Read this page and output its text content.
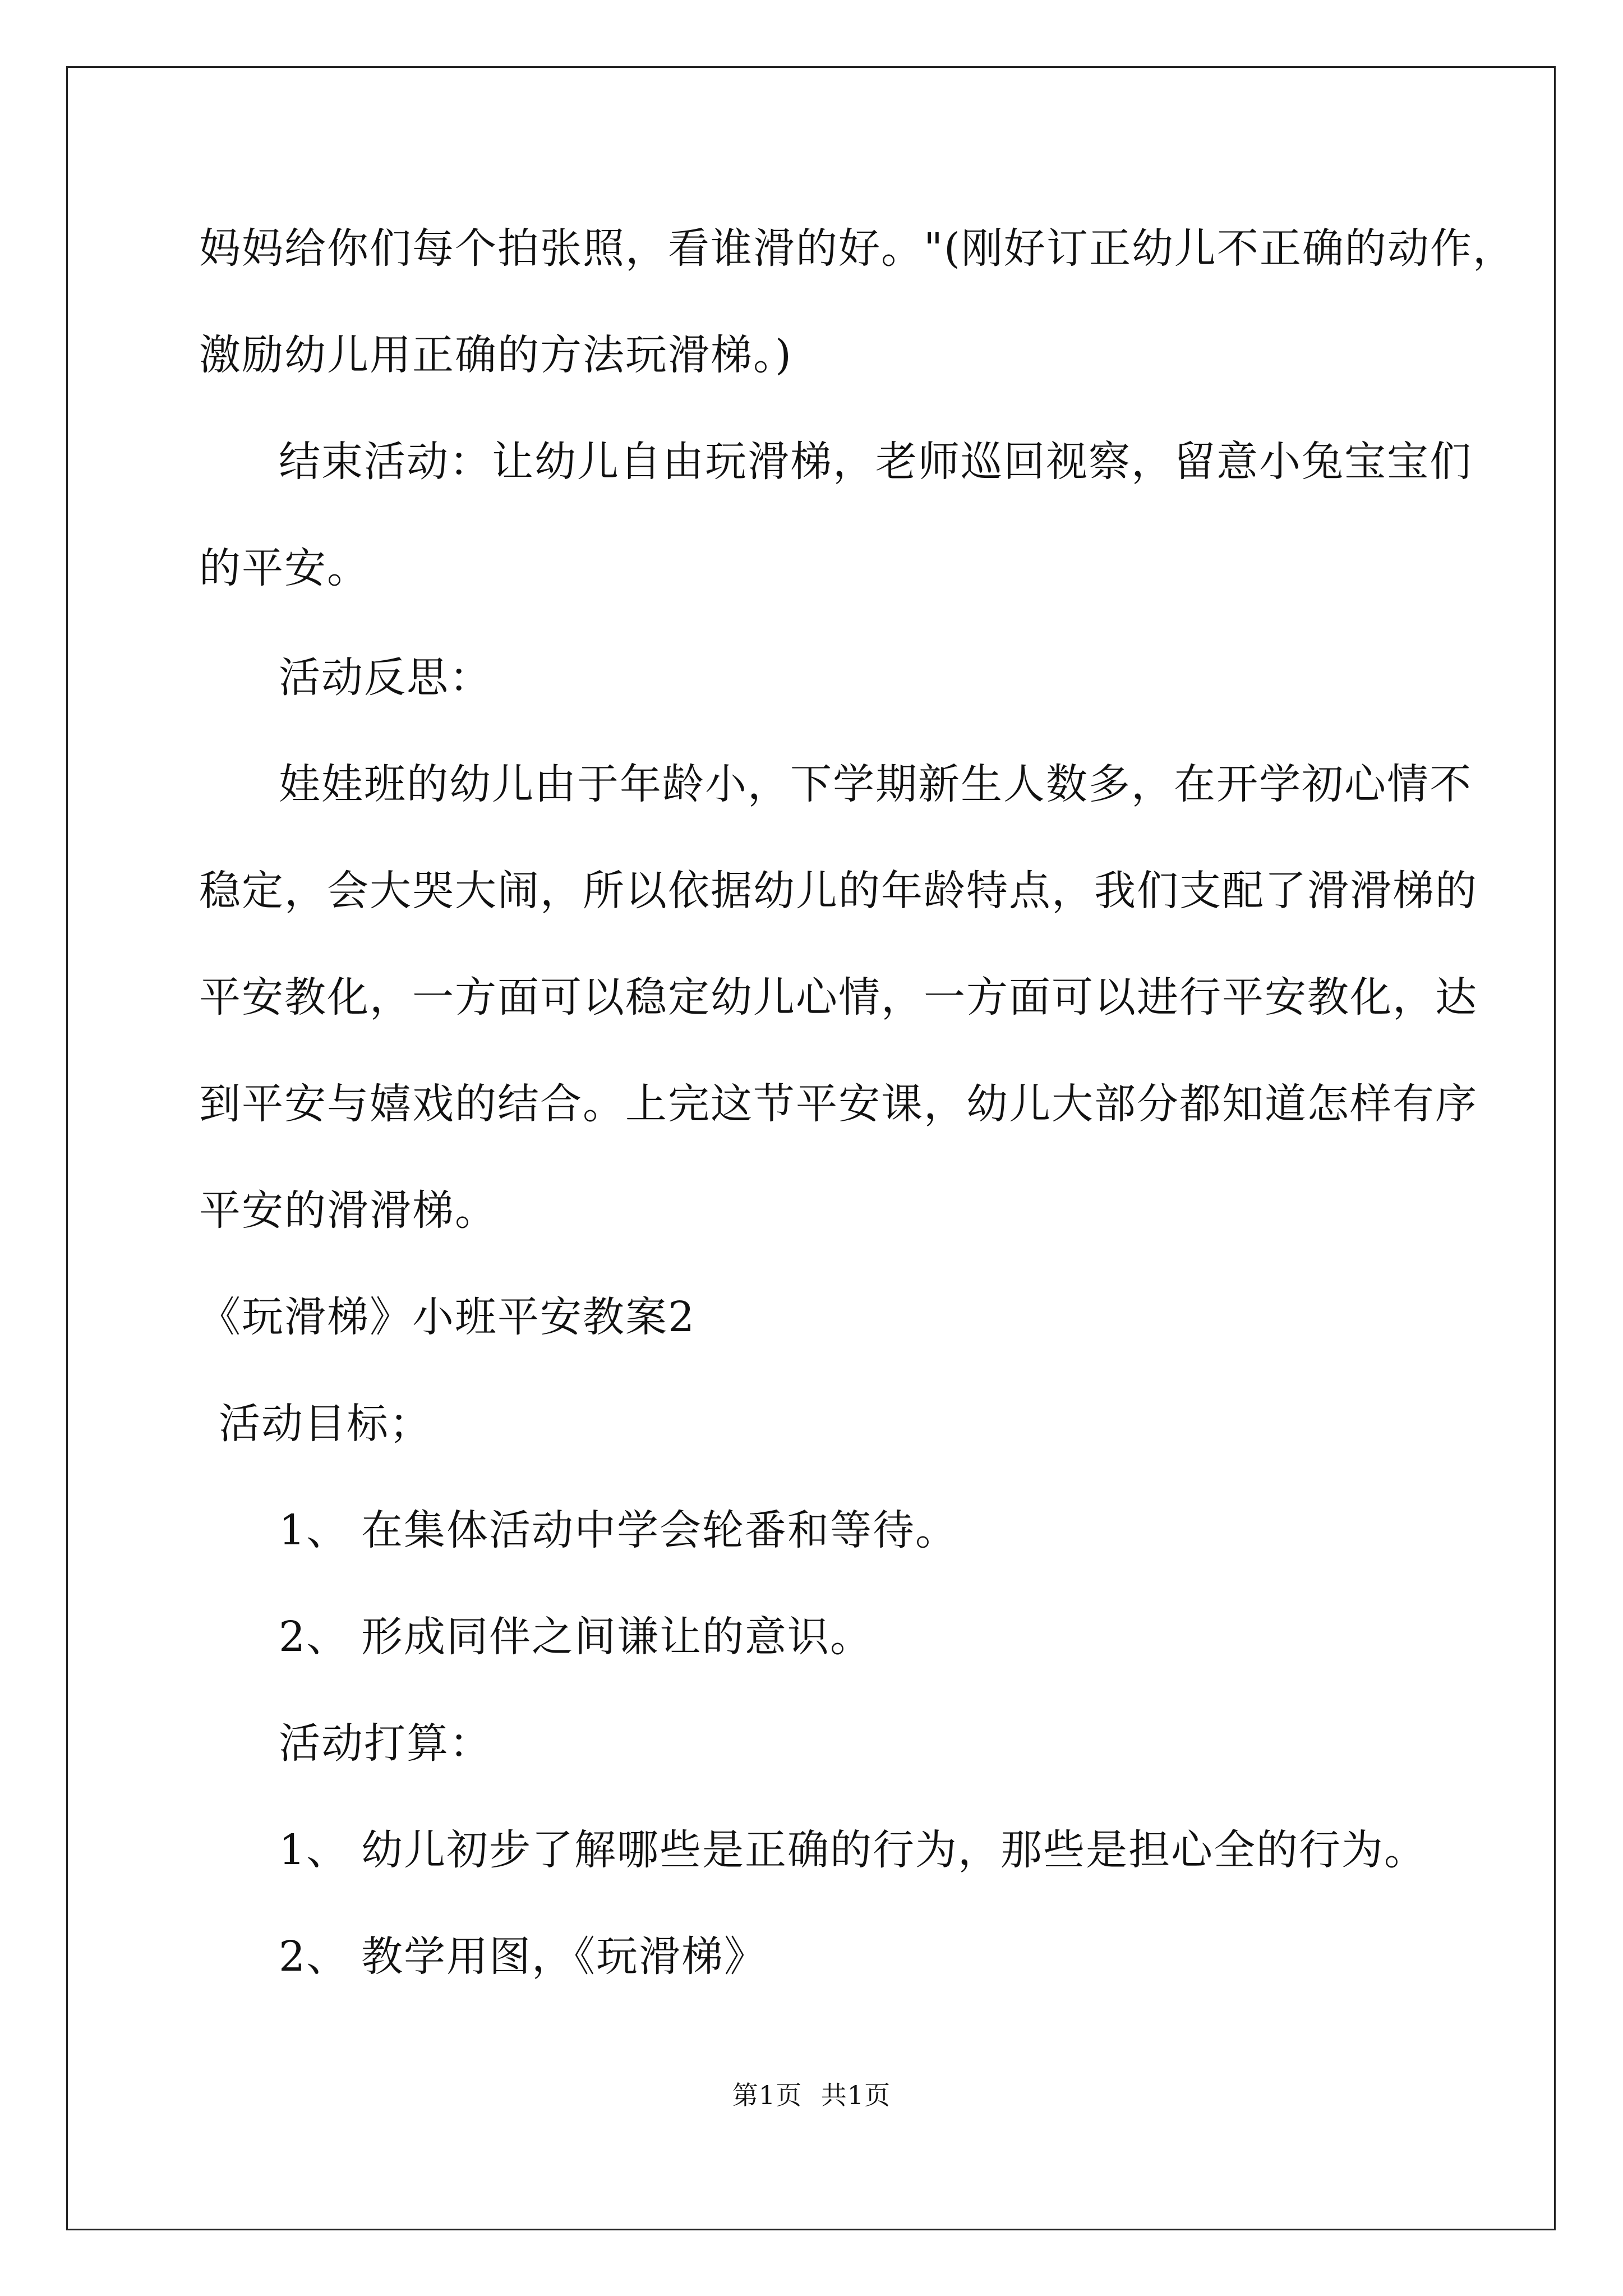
妈妈给你们每个拍张照，看谁滑的好。"(刚好订正幼儿不正确的动作，
激励幼儿用正确的方法玩滑梯。)
结束活动：让幼儿自由玩滑梯，老师巡回视察，留意小兔宝宝们
的平安。
活动反思：
娃娃班的幼儿由于年龄小，下学期新生人数多，在开学初心情不
稳定，会大哭大闹，所以依据幼儿的年龄特点，我们支配了滑滑梯的
平安教化，一方面可以稳定幼儿心情，一方面可以进行平安教化，达
到平安与嬉戏的结合。上完这节平安课，幼儿大部分都知道怎样有序
平安的滑滑梯。
《玩滑梯》小班平安教案2
活动目标；
1、 在集体活动中学会轮番和等待。
2、 形成同伴之间谦让的意识。
活动打算：
1、 幼儿初步了解哪些是正确的行为，那些是担心全的行为。
2、 教学用图，《玩滑梯》
第1页 共1页
